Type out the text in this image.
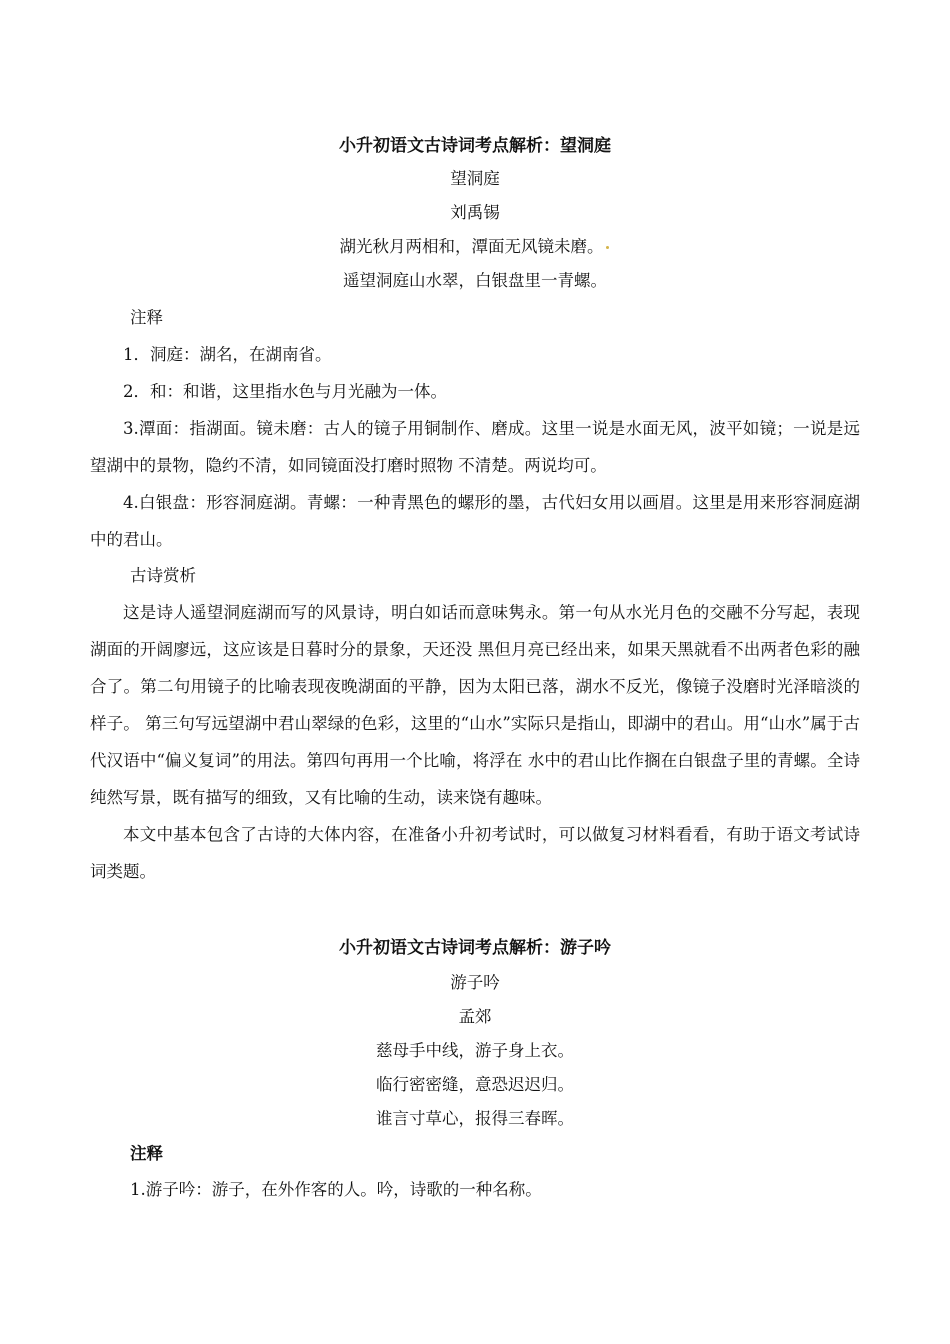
小升初语文古诗词考点解析：望洞庭
望洞庭
刘禹锡
湖光秋月两相和，潭面无风镜未磨。
遥望洞庭山水翠，白银盘里一青螺。
注释

1．洞庭：湖名，在湖南省。

2．和：和谐，这里指水色与月光融为一体。

3.潭面：指湖面。镜未磨：古人的镜子用铜制作、磨成。这里一说是水面无风，波平如镜；一说是远望湖中的景物，隐约不清，如同镜面没打磨时照物 不清楚。两说均可。

4.白银盘：形容洞庭湖。青螺：一种青黑色的螺形的墨，古代妇女用以画眉。这里是用来形容洞庭湖中的君山。

古诗赏析

这是诗人遥望洞庭湖而写的风景诗，明白如话而意味隽永。第一句从水光月色的交融不分写起，表现湖面的开阔廖远，这应该是日暮时分的景象，天还没 黑但月亮已经出来，如果天黑就看不出两者色彩的融合了。第二句用镜子的比喻表现夜晚湖面的平静，因为太阳已落，湖水不反光，像镜子没磨时光泽暗淡的样子。 第三句写远望湖中君山翠绿的色彩，这里的“山水”实际只是指山，即湖中的君山。用“山水”属于古代汉语中“偏义复词”的用法。第四句再用一个比喻，将浮在 水中的君山比作搁在白银盘子里的青螺。全诗纯然写景，既有描写的细致，又有比喻的生动，读来饶有趣味。

本文中基本包含了古诗的大体内容，在准备小升初考试时，可以做复习材料看看，有助于语文考试诗词类题。

小升初语文古诗词考点解析：游子吟
游子吟
孟郊
慈母手中线，游子身上衣。
临行密密缝，意恐迟迟归。
谁言寸草心，报得三春晖。
注释
1.游子吟：游子，在外作客的人。吟，诗歌的一种名称。
